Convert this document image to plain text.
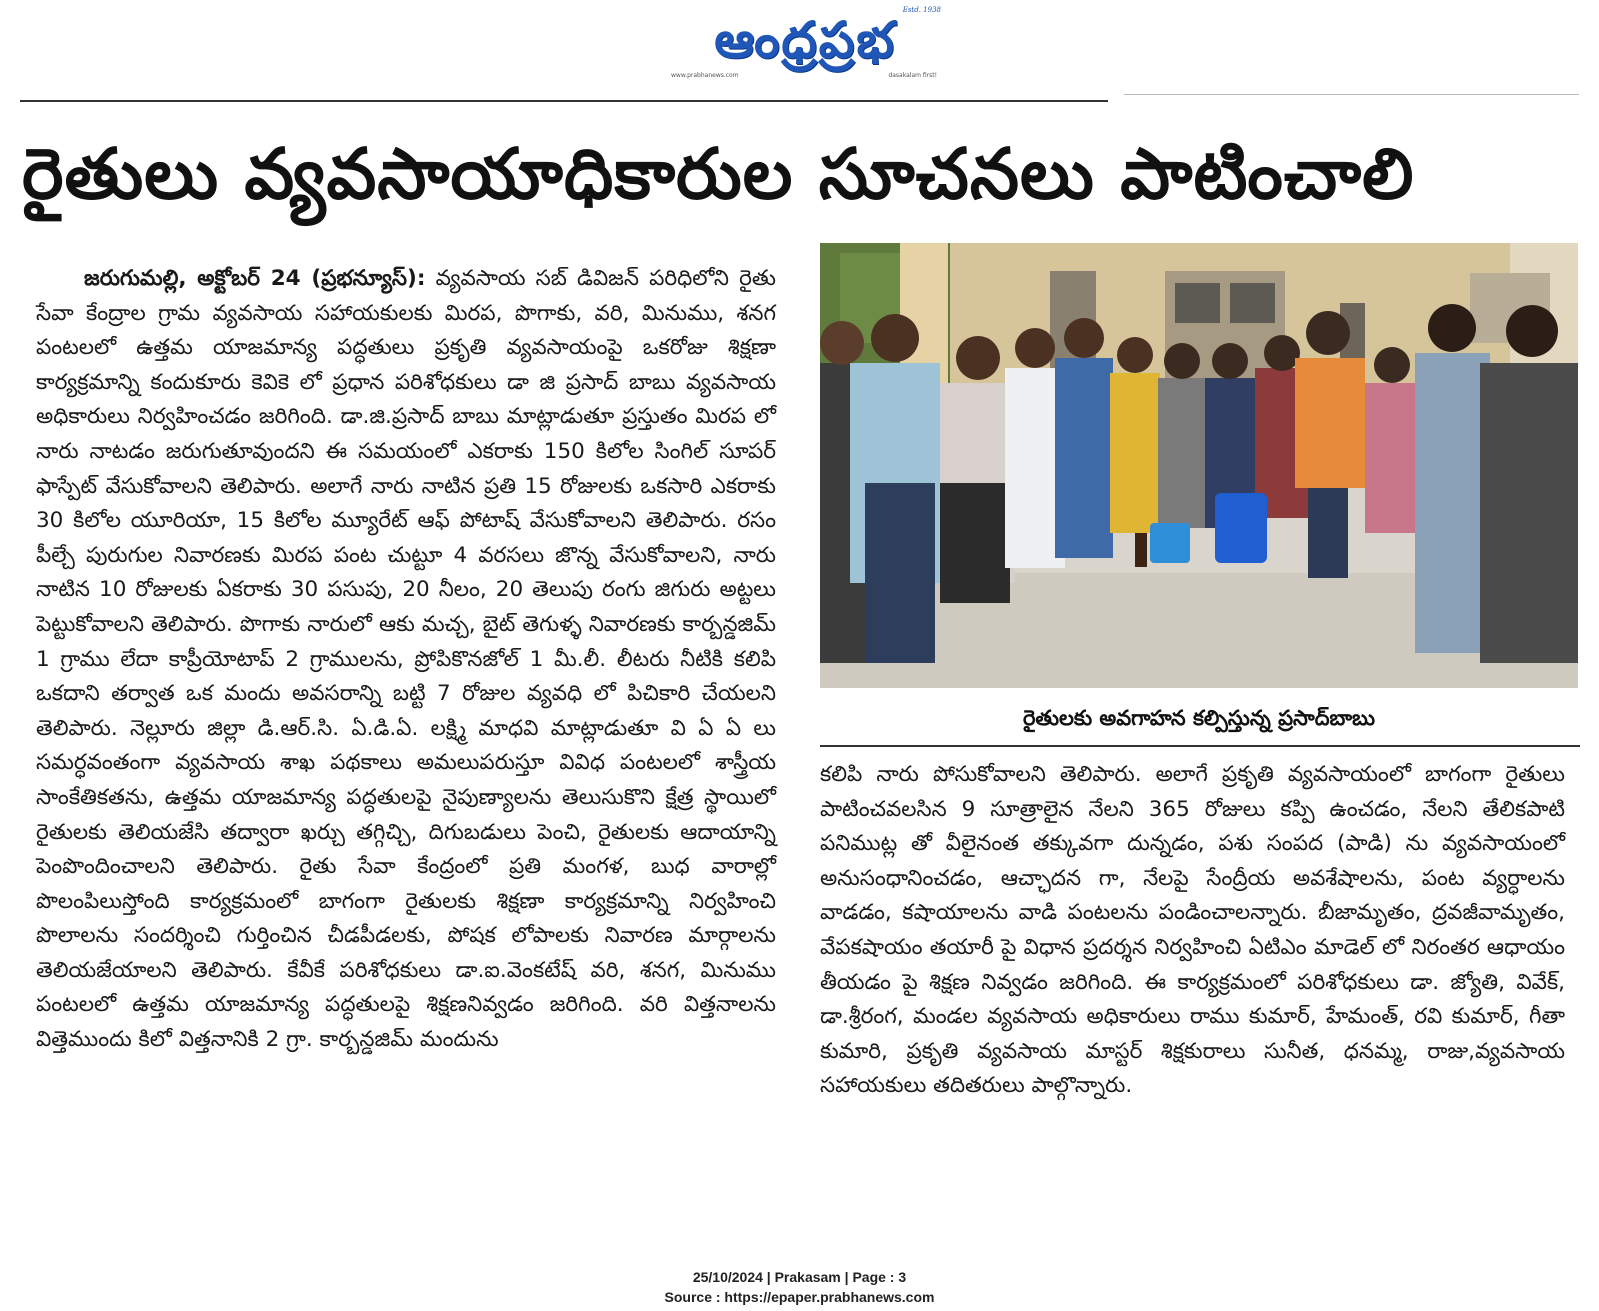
ఆంధ్రప్రభ Estd. 1938
www.prabhanews.com	dasakalam first!
రైతులు వ్యవసాయాధికారుల సూచనలు పాటించాలి
జరుగుమల్లి, అక్టోబర్ 24 (ప్రభన్యూస్): వ్యవసాయ సబ్ డివిజన్ పరిధిలోని రైతు సేవా కేంద్రాల గ్రామ వ్యవసాయ సహాయకులకు మిరప, పొగాకు, వరి, మినుము, శనగ పంటలలో ఉత్తమ యాజమాన్య పద్ధతులు ప్రకృతి వ్యవసాయంపై ఒకరోజు శిక్షణా కార్యక్రమాన్ని కందుకూరు కెవికె లో ప్రధాన పరిశోధకులు డా జి ప్రసాద్ బాబు వ్యవసాయ అధికారులు నిర్వహించడం జరిగింది. డా.జి.ప్రసాద్ బాబు మాట్లాడుతూ ప్రస్తుతం మిరప లో నారు నాటడం జరుగుతూవుందని ఈ సమయంలో ఎకరాకు 150 కిలోల సింగిల్ సూపర్ ఫాస్పేట్ వేసుకోవాలని తెలిపారు. అలాగే నారు నాటిన ప్రతి 15 రోజులకు ఒకసారి ఎకరాకు 30 కిలోల యూరియా, 15 కిలోల మ్యూరేట్ ఆఫ్ పోటాష్ వేసుకోవాలని తెలిపారు. రసం పీల్చే పురుగుల నివారణకు మిరప పంట చుట్టూ 4 వరసలు జొన్న వేసుకోవాలని, నారు నాటిన 10 రోజులకు ఏకరాకు 30 పసుపు, 20 నీలం, 20 తెలుపు రంగు జిగురు అట్టలు పెట్టుకోవాలని తెలిపారు. పొగాకు నారులో ఆకు మచ్చ, బైట్ తెగుళ్ళ నివారణకు కార్బన్డజిమ్ 1 గ్రాము లేదా కాప్రీయోటాప్ 2 గ్రాములను, ప్రోపికొనజోల్ 1 మీ.లీ. లీటరు నీటికి కలిపి ఒకదాని తర్వాత ఒక మందు అవసరాన్ని బట్టి 7 రోజుల వ్యవధి లో పిచికారి చేయలని తెలిపారు. నెల్లూరు జిల్లా డి.ఆర్.సి. ఏ.డి.ఏ. లక్ష్మి మాధవి మాట్లాడుతూ వి ఏ ఏ లు సమర్ధవంతంగా వ్యవసాయ శాఖ పథకాలు అమలుపరుస్తూ వివిధ పంటలలో శాస్త్రీయ సాంకేతికతను, ఉత్తమ యాజమాన్య పద్ధతులపై నైపుణ్యాలను తెలుసుకొని క్షేత్ర స్థాయిలో రైతులకు తెలియజేసి తద్వారా ఖర్చు తగ్గిచ్చి, దిగుబడులు పెంచి, రైతులకు ఆదాయాన్ని పెంపొందించాలని తెలిపారు. రైతు సేవా కేంద్రంలో ప్రతి మంగళ, బుధ వారాల్లో పొలంపిలుస్తోంది కార్యక్రమంలో బాగంగా రైతులకు శిక్షణా కార్యక్రమాన్ని నిర్వహించి పొలాలను సందర్శించి గుర్తించిన చీడపీడలకు, పోషక లోపాలకు నివారణ మార్గాలను తెలియజేయాలని తెలిపారు. కేవీకే పరిశోధకులు డా.ఐ.వెంకటేష్ వరి, శనగ, మినుము పంటలలో ఉత్తమ యాజమాన్య పద్ధతులపై శిక్షణనివ్వడం జరిగింది. వరి విత్తనాలను విత్తెముందు కిలో విత్తనానికి 2 గ్రా. కార్బన్డజిమ్ మందును
రైతులకు అవగాహన కల్పిస్తున్న ప్రసాద్‌బాబు
కలిపి నారు పోసుకోవాలని తెలిపారు. అలాగే ప్రకృతి వ్యవసాయంలో బాగంగా రైతులు పాటించవలసిన 9 సూత్రాలైన నేలని 365 రోజులు కప్పి ఉంచడం, నేలని తేలికపాటి పనిముట్ల తో వీలైనంత తక్కువగా దున్నడం, పశు సంపద (పాడి) ను వ్యవసాయంలో అనుసంధానించడం, ఆచ్ఛాదన గా, నేలపై సేంద్రీయ అవశేషాలను, పంట వ్యర్ధాలను వాడడం, కషాయాలను వాడి పంటలను పండించాలన్నారు. బీజామృతం, ద్రవజీవామృతం, వేపకషాయం తయారీ పై విధాన ప్రదర్శన నిర్వహించి ఏటిఎం మాడెల్ లో నిరంతర ఆధాయం తీయడం పై శిక్షణ నివ్వడం జరిగింది. ఈ కార్యక్రమంలో పరిశోధకులు డా. జ్యోతి, వివేక్, డా.శ్రీరంగ, మండల వ్యవసాయ అధికారులు రాము కుమార్, హేమంత్, రవి కుమార్, గీతా కుమారి, ప్రకృతి వ్యవసాయ మాస్టర్ శిక్షకురాలు సునీత, ధనమ్మ, రాజు,వ్యవసాయ సహాయకులు తదితరులు పాల్గొన్నారు.
25/10/2024 | Prakasam | Page : 3
Source : https://epaper.prabhanews.com
